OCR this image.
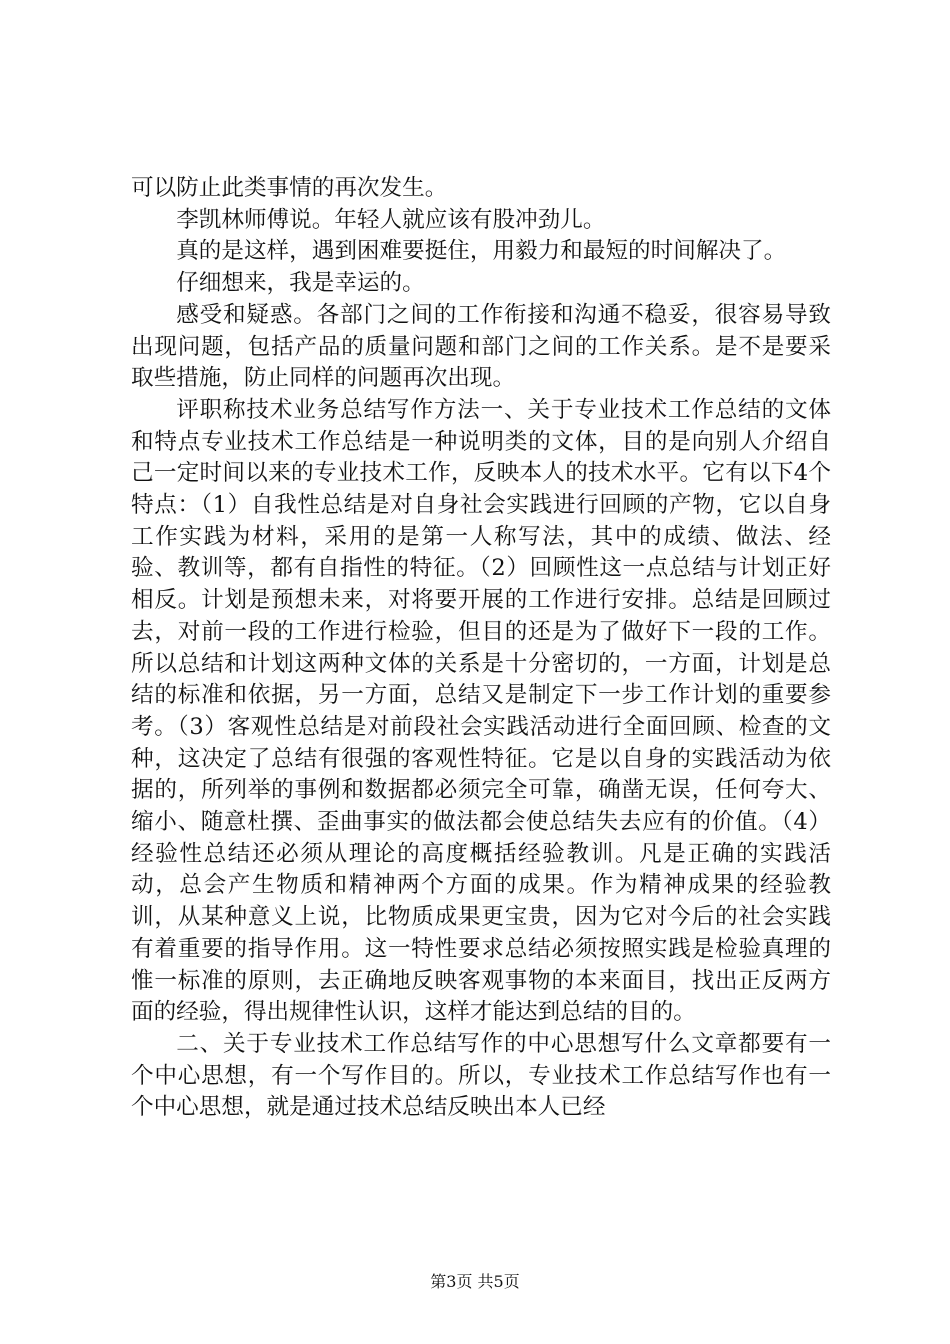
可以防止此类事情的再次发生。

李凯林师傅说。年轻人就应该有股冲劲儿。

真的是这样，遇到困难要挺住，用毅力和最短的时间解决了。

仔细想来，我是幸运的。

感受和疑惑。各部门之间的工作衔接和沟通不稳妥，很容易导致出现问题，包括产品的质量问题和部门之间的工作关系。是不是要采取些措施，防止同样的问题再次出现。

评职称技术业务总结写作方法一、关于专业技术工作总结的文体和特点专业技术工作总结是一种说明类的文体，目的是向别人介绍自己一定时间以来的专业技术工作，反映本人的技术水平。它有以下4个特点：（1）自我性总结是对自身社会实践进行回顾的产物，它以自身工作实践为材料，采用的是第一人称写法，其中的成绩、做法、经验、教训等，都有自指性的特征。（2）回顾性这一点总结与计划正好相反。计划是预想未来，对将要开展的工作进行安排。总结是回顾过去，对前一段的工作进行检验，但目的还是为了做好下一段的工作。所以总结和计划这两种文体的关系是十分密切的，一方面，计划是总结的标准和依据，另一方面，总结又是制定下一步工作计划的重要参考。（3）客观性总结是对前段社会实践活动进行全面回顾、检查的文种，这决定了总结有很强的客观性特征。它是以自身的实践活动为依据的，所列举的事例和数据都必须完全可靠，确凿无误，任何夸大、缩小、随意杜撰、歪曲事实的做法都会使总结失去应有的价值。（4）经验性总结还必须从理论的高度概括经验教训。凡是正确的实践活动，总会产生物质和精神两个方面的成果。作为精神成果的经验教训，从某种意义上说，比物质成果更宝贵，因为它对今后的社会实践有着重要的指导作用。这一特性要求总结必须按照实践是检验真理的惟一标准的原则，去正确地反映客观事物的本来面目，找出正反两方面的经验，得出规律性认识，这样才能达到总结的目的。

二、关于专业技术工作总结写作的中心思想写什么文章都要有一个中心思想，有一个写作目的。所以，专业技术工作总结写作也有一个中心思想，就是通过技术总结反映出本人已经

第3页 共5页
